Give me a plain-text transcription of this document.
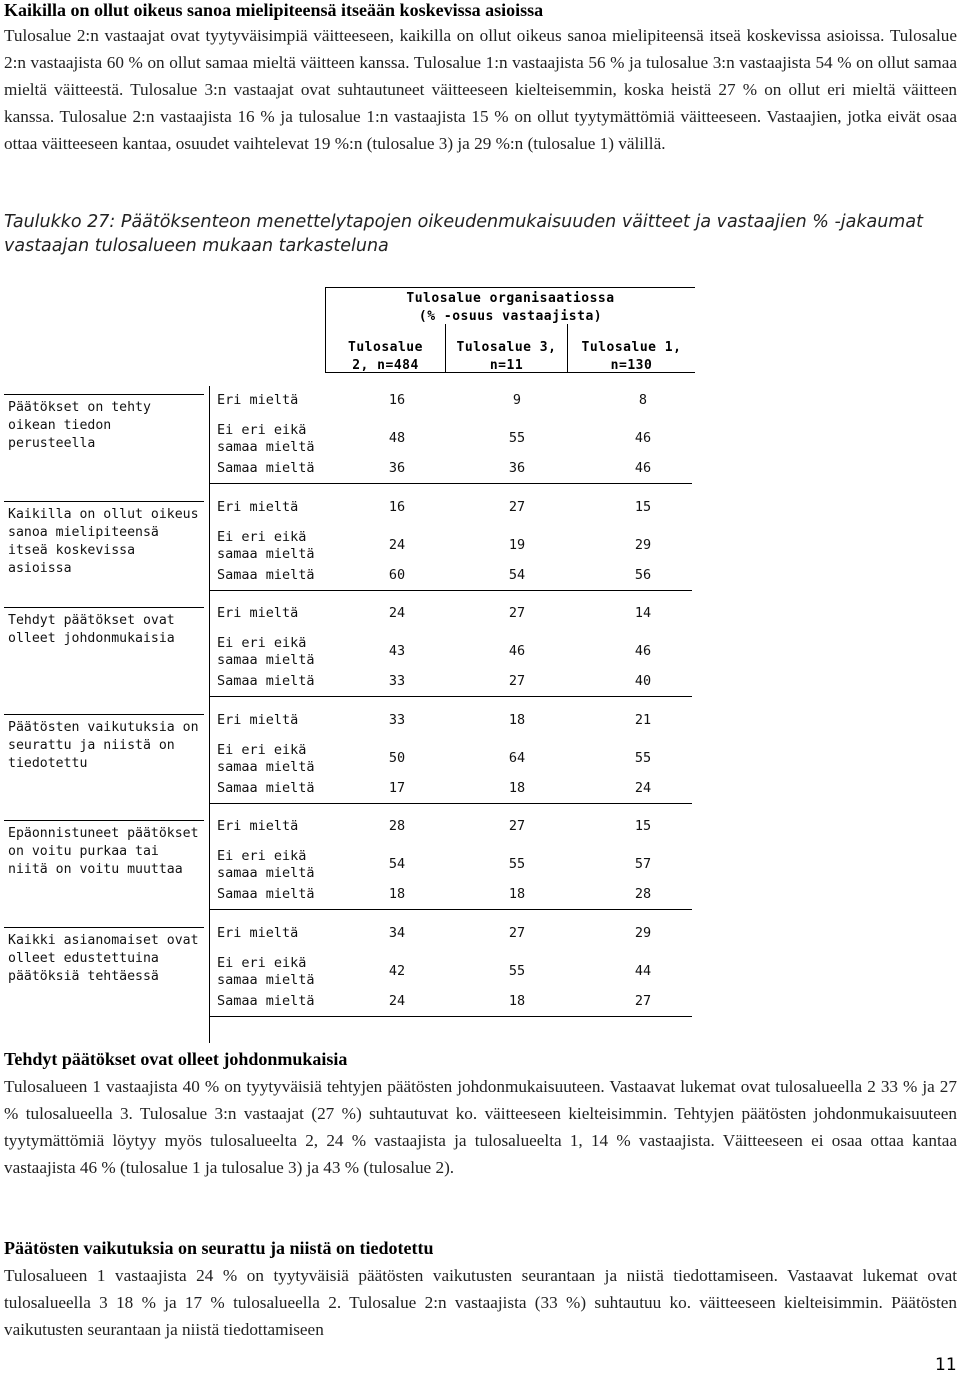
Kaikilla on ollut oikeus sanoa mielipiteensä itseään koskevissa asioissa
Tulosalue 2:n vastaajat ovat tyytyväisimpiä väitteeseen, kaikilla on ollut oikeus sanoa mielipiteensä itseä koskevissa asioissa. Tulosalue 2:n vastaajista 60 % on ollut samaa mieltä väitteen kanssa. Tulosalue 1:n vastaajista 56 % ja tulosalue 3:n vastaajista 54 % on ollut samaa mieltä väitteestä. Tulosalue 3:n vastaajat ovat suhtautuneet väitteeseen kielteisemmin, koska heistä 27 % on ollut eri mieltä väitteen kanssa. Tulosalue 2:n vastaajista 16 % ja tulosalue 1:n vastaajista 15 % on ollut tyytymättömiä väitteeseen. Vastaajien, jotka eivät osaa ottaa väitteeseen kantaa, osuudet vaihtelevat 19 %:n (tulosalue 3) ja 29 %:n (tulosalue 1) välillä.
Taulukko 27: Päätöksenteon menettelytapojen oikeudenmukaisuuden väitteet ja vastaajien % -jakaumat vastaajan tulosalueen mukaan tarkasteluna
Tulosalue organisaatiossa
(% -osuus vastaajista)
Tulosalue
2, n=484
Tulosalue 3,
n=11
Tulosalue 1,
n=130
Päätökset on tehty oikean tiedon perusteella
Eri mieltä	16	9	8
Ei eri eikä samaa mieltä
48	55	46
Samaa mieltä	36	36	46
Kaikilla on ollut oikeus sanoa mielipiteensä itseä koskevissa asioissa
Eri mieltä	16	27	15
Ei eri eikä samaa mieltä
24	19	29
Samaa mieltä	60	54	56
Tehdyt päätökset ovat olleet johdonmukaisia
Eri mieltä	24	27	14
Ei eri eikä samaa mieltä
43	46	46
Samaa mieltä	33	27	40
Päätösten vaikutuksia on seurattu ja niistä on tiedotettu
Eri mieltä	33	18	21
Ei eri eikä samaa mieltä
50	64	55
Samaa mieltä	17	18	24
Epäonnistuneet päätökset on voitu purkaa tai niitä on voitu muuttaa
Eri mieltä	28	27	15
Ei eri eikä samaa mieltä
54	55	57
Samaa mieltä	18	18	28
Kaikki asianomaiset ovat olleet edustettuina päätöksiä tehtäessä
Eri mieltä	34	27	29
Ei eri eikä samaa mieltä
42	55	44
Samaa mieltä	24	18	27
Tehdyt päätökset ovat olleet johdonmukaisia
Tulosalueen 1 vastaajista 40 % on tyytyväisiä tehtyjen päätösten johdonmukaisuuteen. Vastaavat lukemat ovat tulosalueella 2 33 % ja 27 % tulosalueella 3. Tulosalue 3:n vastaajat (27 %) suhtautuvat ko. väitteeseen kielteisimmin. Tehtyjen päätösten johdonmukaisuuteen tyytymättömiä löytyy myös tulosalueelta 2, 24 % vastaajista ja tulosalueelta 1, 14 % vastaajista. Väitteeseen ei osaa ottaa kantaa vastaajista 46 % (tulosalue 1 ja tulosalue 3) ja 43 % (tulosalue 2).
Päätösten vaikutuksia on seurattu ja niistä on tiedotettu
Tulosalueen 1 vastaajista 24 % on tyytyväisiä päätösten vaikutusten seurantaan ja niistä tiedottamiseen. Vastaavat lukemat ovat tulosalueella 3 18 % ja 17 % tulosalueella 2. Tulosalue 2:n vastaajista (33 %) suhtautuu ko. väitteeseen kielteisimmin. Päätösten vaikutusten seurantaan ja niistä tiedottamiseen
11
